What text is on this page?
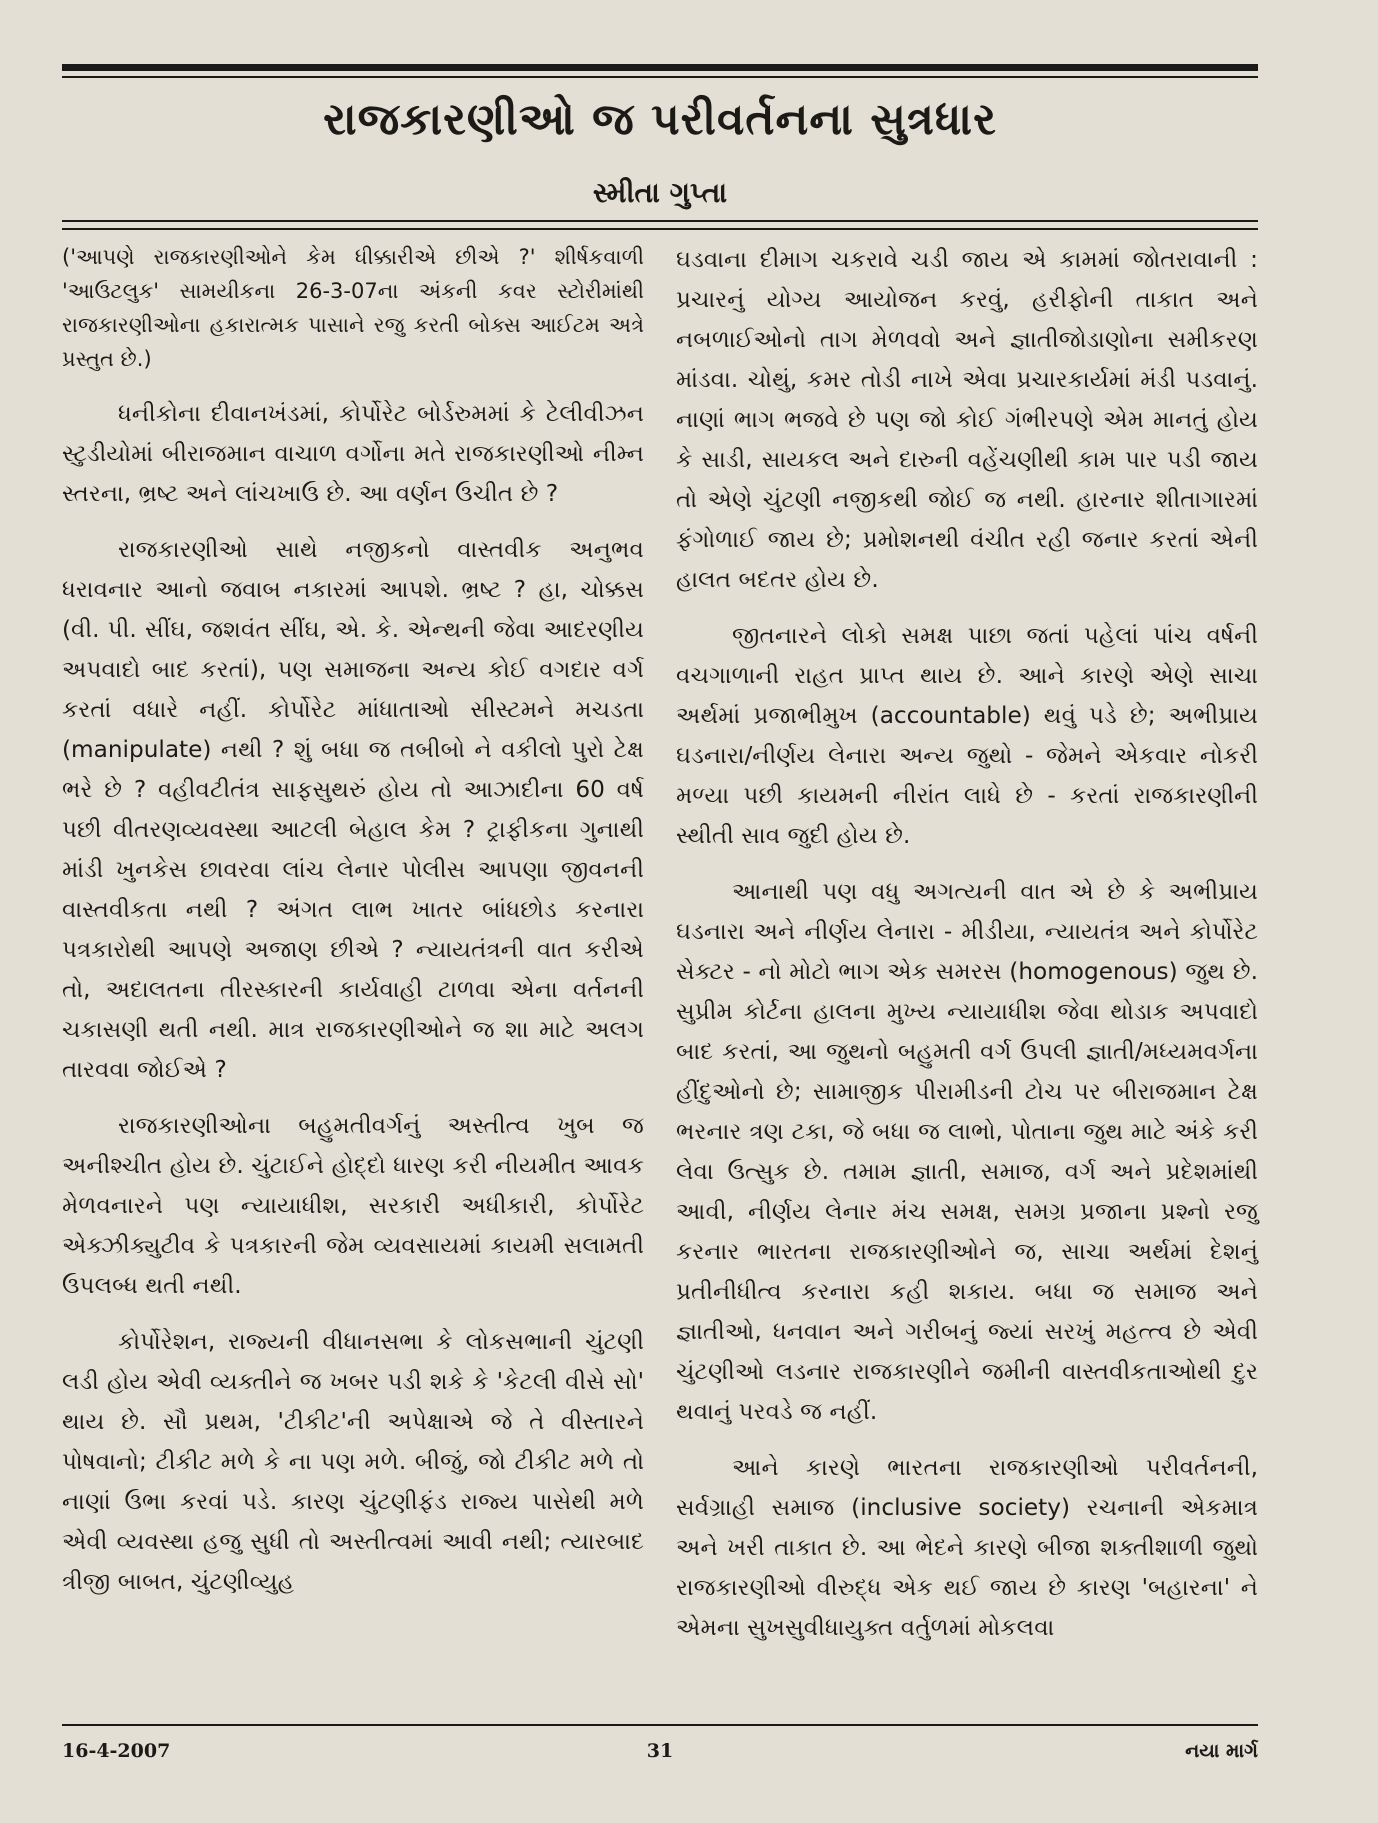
રાજકારણીઓ જ પરીવર્તનના સુત્રધાર
સ્મીતા ગુપ્તા

('આપણે રાજકારણીઓને કેમ ધીક્કારીએ છીએ ?' શીર્ષકવાળી 'આઉટલુક' સામયીકના 26-3-07ના અંકની કવર સ્ટોરીમાંથી રાજકારણીઓના હકારાત્મક પાસાને રજુ કરતી બોક્સ આઈટમ અત્રે પ્રસ્તુત છે.)

ધનીકોના દીવાનખંડમાં, કોર્પોરેટ બોર્ડરુમમાં કે ટેલીવીઝન સ્ટુડીયોમાં બીરાજમાન વાચાળ વર્ગોના મતે રાજકારણીઓ નીમ્ન સ્તરના, ભ્રષ્ટ અને લાંચખાઉ છે. આ વર્ણન ઉચીત છે ?

રાજકારણીઓ સાથે નજીકનો વાસ્તવીક અનુભવ ધરાવનાર આનો જવાબ નકારમાં આપશે. ભ્રષ્ટ ? હા, ચોક્કસ (વી. પી. સીંઘ, જશવંત સીંઘ, એ. કે. એન્થની જેવા આદરણીય અપવાદો બાદ કરતાં), પણ સમાજના અન્ય કોઈ વગદાર વર્ગ કરતાં વધારે નહીં. કોર્પોરેટ માંધાતાઓ સીસ્ટમને મચડતા (manipulate) નથી ? શું બધા જ તબીબો ને વકીલો પુરો ટેક્ષ ભરે છે ? વહીવટીતંત્ર સાફસુથરું હોય તો આઝાદીના 60 વર્ષ પછી વીતરણવ્યવસ્થા આટલી બેહાલ કેમ ? ટ્રાફીકના ગુનાથી માંડી ખુનકેસ છાવરવા લાંચ લેનાર પોલીસ આપણા જીવનની વાસ્તવીકતા નથી ? અંગત લાભ ખાતર બાંધછોડ કરનારા પત્રકારોથી આપણે અજાણ છીએ ? ન્યાયતંત્રની વાત કરીએ તો, અદાલતના તીરસ્કારની કાર્યવાહી ટાળવા એના વર્તનની ચકાસણી થતી નથી. માત્ર રાજકારણીઓને જ શા માટે અલગ તારવવા જોઈએ ?

રાજકારણીઓના બહુમતીવર્ગનું અસ્તીત્વ ખુબ જ અનીશ્ચીત હોય છે. ચુંટાઈને હોદ્દો ધારણ કરી નીયમીત આવક મેળવનારને પણ ન્યાયાધીશ, સરકારી અધીકારી, કોર્પોરેટ એક્ઝીક્યુટીવ કે પત્રકારની જેમ વ્યવસાયમાં કાયમી સલામતી ઉપલબ્ધ થતી નથી.

કોર્પોરેશન, રાજ્યની વીધાનસભા કે લોકસભાની ચુંટણી લડી હોય એવી વ્યક્તીને જ ખબર પડી શકે કે 'કેટલી વીસે સો' થાય છે. સૌ પ્રથમ, 'ટીકીટ'ની અપેક્ષાએ જે તે વીસ્તારને પોષવાનો; ટીકીટ મળે કે ના પણ મળે. બીજું, જો ટીકીટ મળે તો નાણાં ઉભા કરવાં પડે. કારણ ચુંટણીફંડ રાજ્ય પાસેથી મળે એવી વ્યવસ્થા હજુ સુધી તો અસ્તીત્વમાં આવી નથી; ત્યારબાદ ત્રીજી બાબત, ચુંટણીવ્યુહ

ઘડવાના દીમાગ ચકરાવે ચડી જાય એ કામમાં જોતરાવાની : પ્રચારનું યોગ્ય આયોજન કરવું, હરીફોની તાકાત અને નબળાઈઓનો તાગ મેળવવો અને જ્ઞાતીજોડાણોના સમીકરણ માંડવા. ચોથું, કમર તોડી નાખે એવા પ્રચારકાર્યમાં મંડી પડવાનું. નાણાં ભાગ ભજવે છે પણ જો કોઈ ગંભીરપણે એમ માનતું હોય કે સાડી, સાયકલ અને દારુની વહેંચણીથી કામ પાર પડી જાય તો એણે ચુંટણી નજીકથી જોઈ જ નથી. હારનાર શીતાગારમાં ફંગોળાઈ જાય છે; પ્રમોશનથી વંચીત રહી જનાર કરતાં એની હાલત બદતર હોય છે.

જીતનારને લોકો સમક્ષ પાછા જતાં પહેલાં પાંચ વર્ષની વચગાળાની રાહત પ્રાપ્ત થાય છે. આને કારણે એણે સાચા અર્થમાં પ્રજાભીમુખ (accountable) થવું પડે છે; અભીપ્રાય ઘડનારા/નીર્ણય લેનારા અન્ય જુથો - જેમને એકવાર નોકરી મળ્યા પછી કાયમની નીરાંત લાધે છે - કરતાં રાજકારણીની સ્થીતી સાવ જુદી હોય છે.

આનાથી પણ વધુ અગત્યની વાત એ છે કે અભીપ્રાય ઘડનારા અને નીર્ણય લેનારા - મીડીયા, ન્યાયતંત્ર અને કોર્પોરેટ સેક્ટર - નો મોટો ભાગ એક સમરસ (homogenous) જુથ છે. સુપ્રીમ કોર્ટના હાલના મુખ્ય ન્યાયાધીશ જેવા થોડાક અપવાદો બાદ કરતાં, આ જુથનો બહુમતી વર્ગ ઉપલી જ્ઞાતી/મધ્યમવર્ગના હીંદુઓનો છે; સામાજીક પીરામીડની ટોચ પર બીરાજમાન ટેક્ષ ભરનાર ત્રણ ટકા, જે બધા જ લાભો, પોતાના જુથ માટે અંકે કરી લેવા ઉત્સુક છે. તમામ જ્ઞાતી, સમાજ, વર્ગ અને પ્રદેશમાંથી આવી, નીર્ણય લેનાર મંચ સમક્ષ, સમગ્ર પ્રજાના પ્રશ્નો રજુ કરનાર ભારતના રાજકારણીઓને જ, સાચા અર્થમાં દેશનું પ્રતીનીધીત્વ કરનારા કહી શકાય. બધા જ સમાજ અને જ્ઞાતીઓ, ધનવાન અને ગરીબનું જ્યાં સરખું મહત્ત્વ છે એવી ચુંટણીઓ લડનાર રાજકારણીને જમીની વાસ્તવીકતાઓથી દુર થવાનું પરવડે જ નહીં.

આને કારણે ભારતના રાજકારણીઓ પરીવર્તનની, સર્વગ્રાહી સમાજ (inclusive society) રચનાની એકમાત્ર અને ખરી તાકાત છે. આ ભેદને કારણે બીજા શક્તીશાળી જુથો રાજકારણીઓ વીરુદ્ધ એક થઈ જાય છે કારણ 'બહારના' ને એમના સુખસુવીધાયુક્ત વર્તુળમાં મોકલવા

16-4-2007	31	નયા માર્ગ
